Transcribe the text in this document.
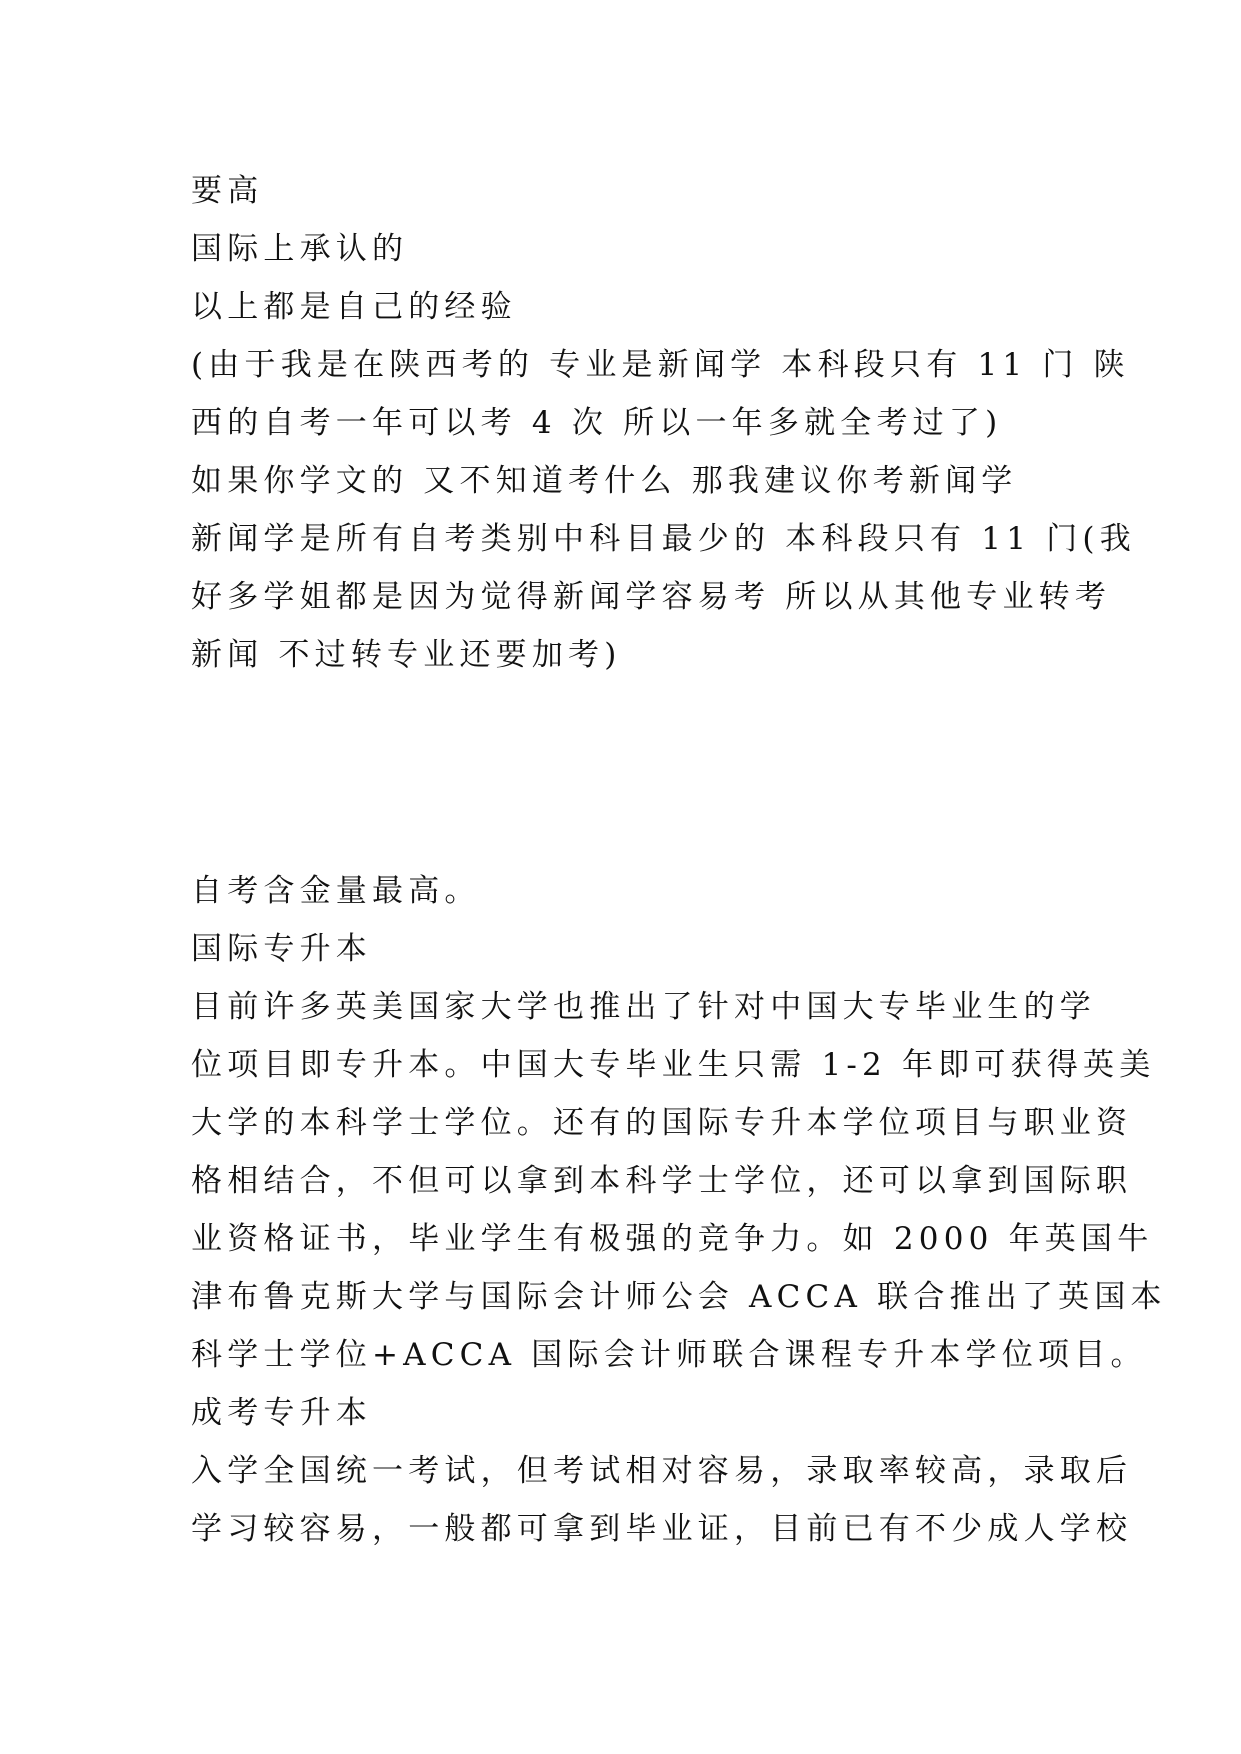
要高
国际上承认的
以上都是自己的经验
(由于我是在陕西考的 专业是新闻学 本科段只有 11 门 陕
西的自考一年可以考 4 次 所以一年多就全考过了)
如果你学文的 又不知道考什么 那我建议你考新闻学
新闻学是所有自考类别中科目最少的 本科段只有 11 门(我
好多学姐都是因为觉得新闻学容易考 所以从其他专业转考
新闻 不过转专业还要加考)
自考含金量最高。
国际专升本
目前许多英美国家大学也推出了针对中国大专毕业生的学
位项目即专升本。中国大专毕业生只需 1-2 年即可获得英美
大学的本科学士学位。还有的国际专升本学位项目与职业资
格相结合，不但可以拿到本科学士学位，还可以拿到国际职
业资格证书，毕业学生有极强的竞争力。如 2000 年英国牛
津布鲁克斯大学与国际会计师公会 ACCA 联合推出了英国本
科学士学位+ACCA 国际会计师联合课程专升本学位项目。
成考专升本
入学全国统一考试，但考试相对容易，录取率较高，录取后
学习较容易，一般都可拿到毕业证，目前已有不少成人学校
